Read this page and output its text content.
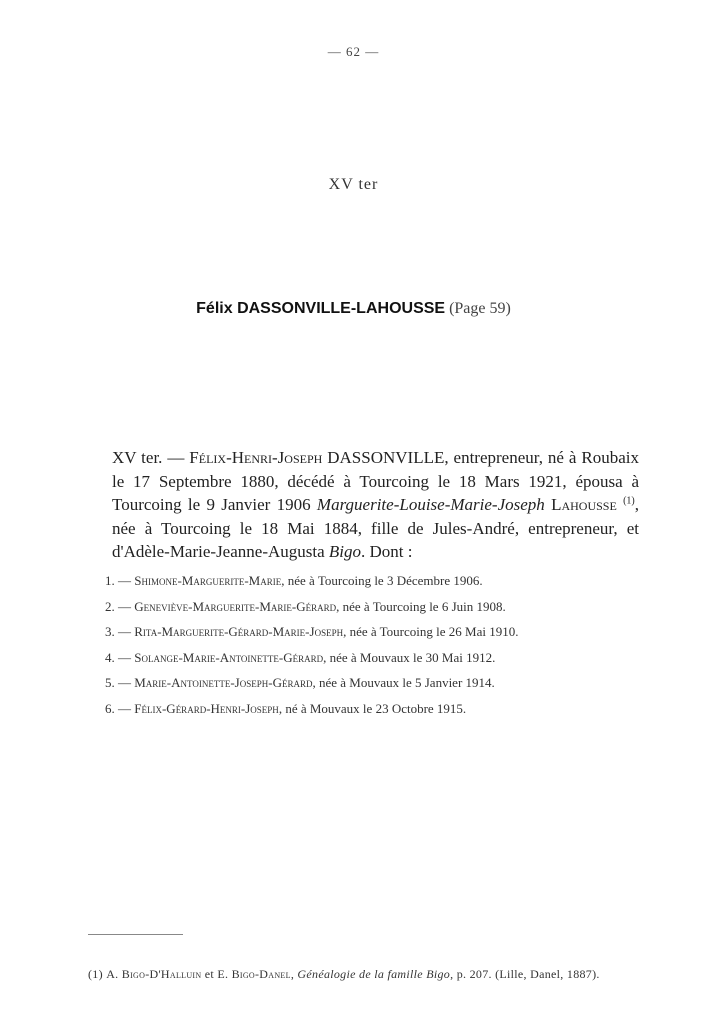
— 62 —
XV ter
Félix DASSONVILLE-LAHOUSSE (Page 59)

XV ter. — Félix-Henri-Joseph DASSONVILLE, entrepreneur, né à Roubaix le 17 Septembre 1880, décédé à Tourcoing le 18 Mars 1921, épousa à Tourcoing le 9 Janvier 1906 Marguerite-Louise-Marie-Joseph Lahousse $^{(1)}$, née à Tourcoing le 18 Mai 1884, fille de Jules-André, entrepreneur, et d'Adèle-Marie-Jeanne-Augusta Bigo. Dont :

1. — Shimone-Marguerite-Marie, née à Tourcoing le 3 Décembre 1906.
2. — Geneviève-Marguerite-Marie-Gérard, née à Tourcoing le 6 Juin 1908.
3. — Rita-Marguerite-Gérard-Marie-Joseph, née à Tourcoing le 26 Mai 1910.
4. — Solange-Marie-Antoinette-Gérard, née à Mouvaux le 30 Mai 1912.
5. — Marie-Antoinette-Joseph-Gérard, née à Mouvaux le 5 Janvier 1914.
6. — Félix-Gérard-Henri-Joseph, né à Mouvaux le 23 Octobre 1915.

(1) A. Bigo-D'Halluin et E. Bigo-Danel, Généalogie de la famille Bigo, p. 207. (Lille, Danel, 1887).
